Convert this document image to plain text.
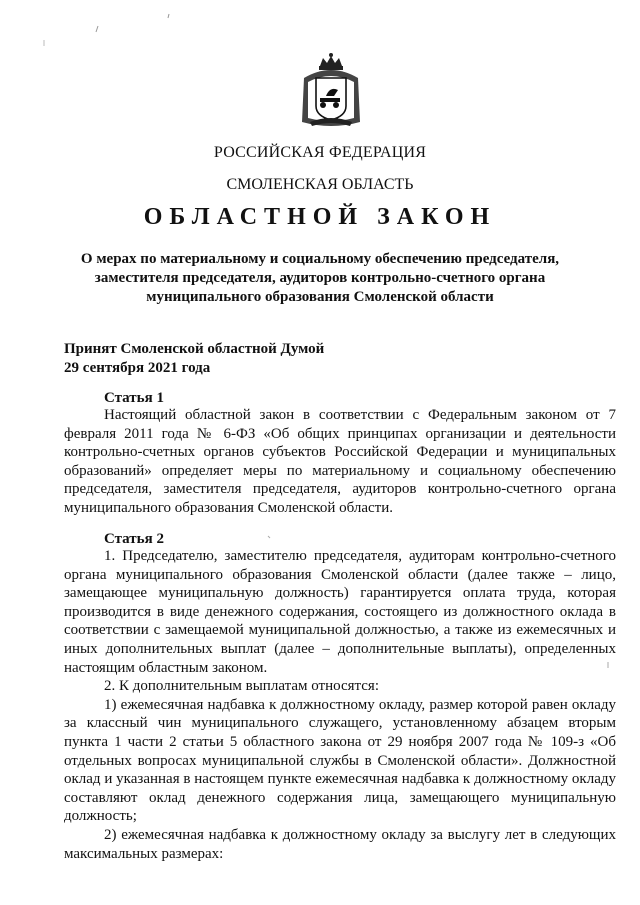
РОССИЙСКАЯ ФЕДЕРАЦИЯ
СМОЛЕНСКАЯ ОБЛАСТЬ
ОБЛАСТНОЙ ЗАКОН
О мерах по материальному и социальному обеспечению председателя, заместителя председателя, аудиторов контрольно-счетного органа муниципального образования Смоленской области
Принят Смоленской областной Думой
29 сентября 2021 года
Статья 1

Настоящий областной закон в соответствии с Федеральным законом от 7 февраля 2011 года № 6-ФЗ «Об общих принципах организации и деятельности контрольно-счетных органов субъектов Российской Федерации и муниципальных образований» определяет меры по материальному и социальному обеспечению председателя, заместителя председателя, аудиторов контрольно-счетного органа муниципального образования Смоленской области.

Статья 2

1. Председателю, заместителю председателя, аудиторам контрольно-счетного органа муниципального образования Смоленской области (далее также – лицо, замещающее муниципальную должность) гарантируется оплата труда, которая производится в виде денежного содержания, состоящего из должностного оклада в соответствии с замещаемой муниципальной должностью, а также из ежемесячных и иных дополнительных выплат (далее – дополнительные выплаты), определенных настоящим областным законом.

2. К дополнительным выплатам относятся:

1) ежемесячная надбавка к должностному окладу, размер которой равен окладу за классный чин муниципального служащего, установленному абзацем вторым пункта 1 части 2 статьи 5 областного закона от 29 ноября 2007 года № 109-з «Об отдельных вопросах муниципальной службы в Смоленской области». Должностной оклад и указанная в настоящем пункте ежемесячная надбавка к должностному окладу составляют оклад денежного содержания лица, замещающего муниципальную должность;

2) ежемесячная надбавка к должностному окладу за выслугу лет в следующих максимальных размерах:
